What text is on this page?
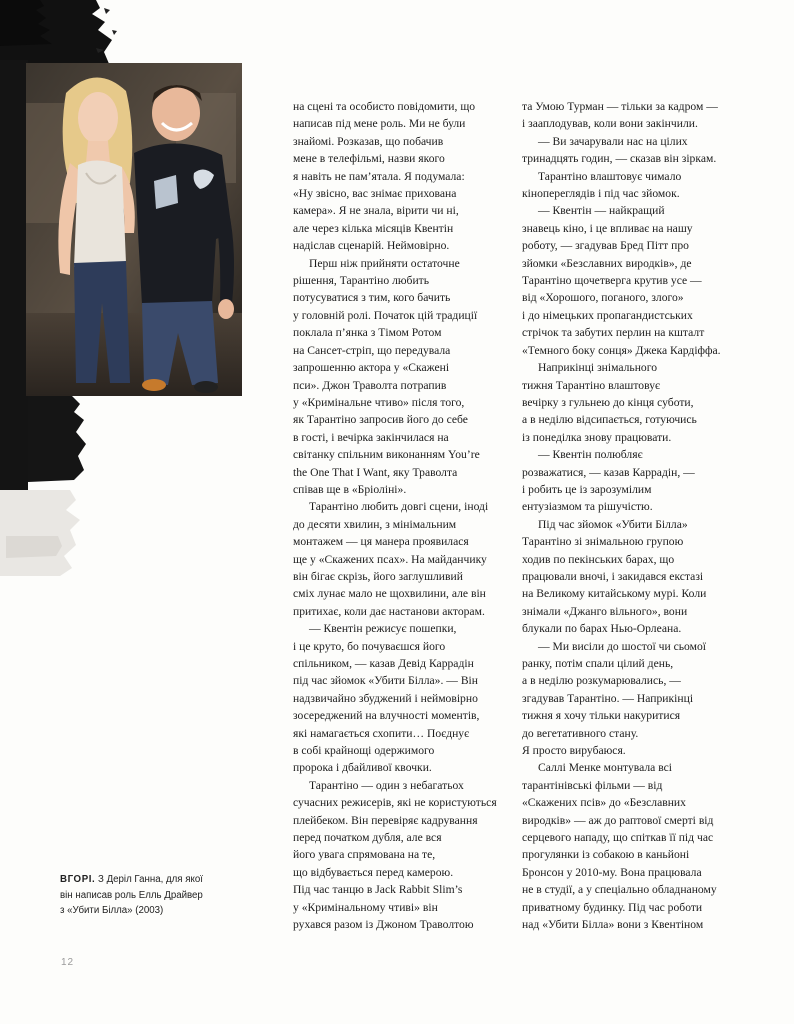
на сцені та особисто повідомити, що

написав під мене роль. Ми не були

знайомі. Розказав, що побачив

мене в телефільмі, назви якого

я навіть не пам’ятала. Я подумала:

«Ну звісно, вас знімає прихована

камера». Я не знала, вірити чи ні,

але через кілька місяців Квентін

надіслав сценарій. Неймовірно.

Перш ніж прийняти остаточне

рішення, Тарантіно любить

потусуватися з тим, кого бачить

у головній ролі. Початок цій традиції

поклала п’янка з Тімом Ротом

на Сансет-стріп, що передувала

запрошенню актора у «Скажені

пси». Джон Траволта потрапив

у «Кримінальне чтиво» після того,

як Тарантіно запросив його до себе

в гості, і вечірка закінчилася на

світанку спільним виконанням You’re

the One That I Want, яку Траволта

співав ще в «Бріоліні».

Тарантіно любить довгі сцени, іноді

до десяти хвилин, з мінімальним

монтажем — ця манера проявилася

ще у «Скажених псах». На майданчику

він бігає скрізь, його заглушливий

сміх лунає мало не щохвилини, але він

притихає, коли дає настанови акторам.

— Квентін режисує пошепки,

і це круто, бо почуваєшся його

спільником, — казав Девід Каррадін

під час зйомок «Убити Білла». — Він

надзвичайно збуджений і неймовірно

зосереджений на влучності моментів,

які намагається схопити… Поєднує

в собі крайнощі одержимого

пророка і дбайливої квочки.

Тарантіно — один з небагатьох

сучасних режисерів, які не користуються

плейбеком. Він перевіряє кадрування

перед початком дубля, але вся

його увага спрямована на те,

що відбувається перед камерою.

Під час танцю в Jack Rabbit Slim’s

у «Кримінальному чтиві» він

рухався разом із Джоном Траволтою

та Умою Турман — тільки за кадром —

і зааплодував, коли вони закінчили.

— Ви зачарували нас на цілих

тринадцять годин, — сказав він зіркам.

Тарантіно влаштовує чимало

кінопереглядів і під час зйомок.

— Квентін — найкращий

знавець кіно, і це впливає на нашу

роботу, — згадував Бред Пітт про

зйомки «Безславних виродків», де

Тарантіно щочетверга крутив усе —

від «Хорошого, поганого, злого»

і до німецьких пропагандистських

стрічок та забутих перлин на кшталт

«Темного боку сонця» Джека Кардіффа.

Наприкінці знімального

тижня Тарантіно влаштовує

вечірку з гульнею до кінця суботи,

а в неділю відсипається, готуючись

із понеділка знову працювати.

— Квентін полюбляє

розважатися, — казав Каррадін, —

і робить це із зарозумілим

ентузіазмом та рішучістю.

Під час зйомок «Убити Білла»

Тарантіно зі знімальною групою

ходив по пекінських барах, що

працювали вночі, і закидався екстазі

на Великому китайському мурі. Коли

знімали «Джанго вільного», вони

блукали по барах Нью-Орлеана.

— Ми висіли до шостої чи сьомої

ранку, потім спали цілий день,

а в неділю розкумарювались, —

згадував Тарантіно. — Наприкінці

тижня я хочу тільки накуритися

до вегетативного стану.

Я просто вирубаюся.

Саллі Менке монтувала всі

тарантінівські фільми — від

«Скажених псів» до «Безславних

виродків» — аж до раптової смерті від

серцевого нападу, що спіткав її під час

прогулянки із собакою в каньйоні

Бронсон у 2010-му. Вона працювала

не в студії, а у спеціально обладнаному

приватному будинку. Під час роботи

над «Убити Білла» вони з Квентіном

ВГОРІ. З Деріл Ганна, для якої
він написав роль Елль Драйвер
з «Убити Білла» (2003)
12
